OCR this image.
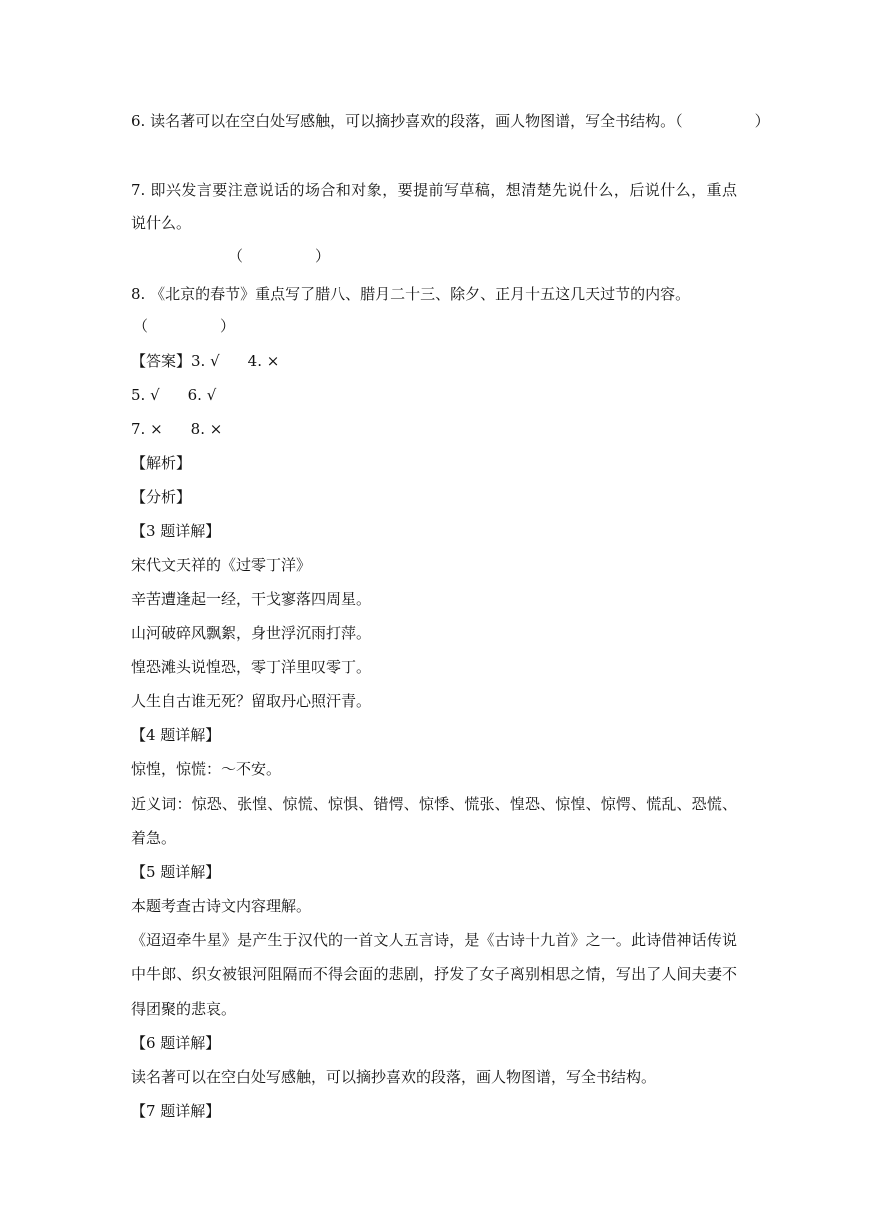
6. 读名著可以在空白处写感触，可以摘抄喜欢的段落，画人物图谱，写全书结构。（	）
7. 即兴发言要注意说话的场合和对象，要提前写草稿，想清楚先说什么，后说什么，重点
说什么。
（	）
8. 《北京的春节》重点写了腊八、腊月二十三、除夕、正月十五这几天过节的内容。
（	）
【答案】3. √ 4. ×
5. √ 6. √
7. × 8. ×
【解析】
【分析】
【3 题详解】
宋代文天祥的《过零丁洋》
辛苦遭逢起一经，干戈寥落四周星。
山河破碎风飘絮，身世浮沉雨打萍。
惶恐滩头说惶恐，零丁洋里叹零丁。
人生自古谁无死？留取丹心照汗青。
【4 题详解】
惊惶，惊慌：～不安。
近义词：惊恐、张惶、惊慌、惊惧、错愕、惊悸、慌张、惶恐、惊惶、惊愕、慌乱、恐慌、
着急。
【5 题详解】
本题考查古诗文内容理解。
《迢迢牵牛星》是产生于汉代的一首文人五言诗，是《古诗十九首》之一。此诗借神话传说
中牛郎、织女被银河阻隔而不得会面的悲剧，抒发了女子离别相思之情，写出了人间夫妻不
得团聚的悲哀。
【6 题详解】
读名著可以在空白处写感触，可以摘抄喜欢的段落，画人物图谱，写全书结构。
【7 题详解】
